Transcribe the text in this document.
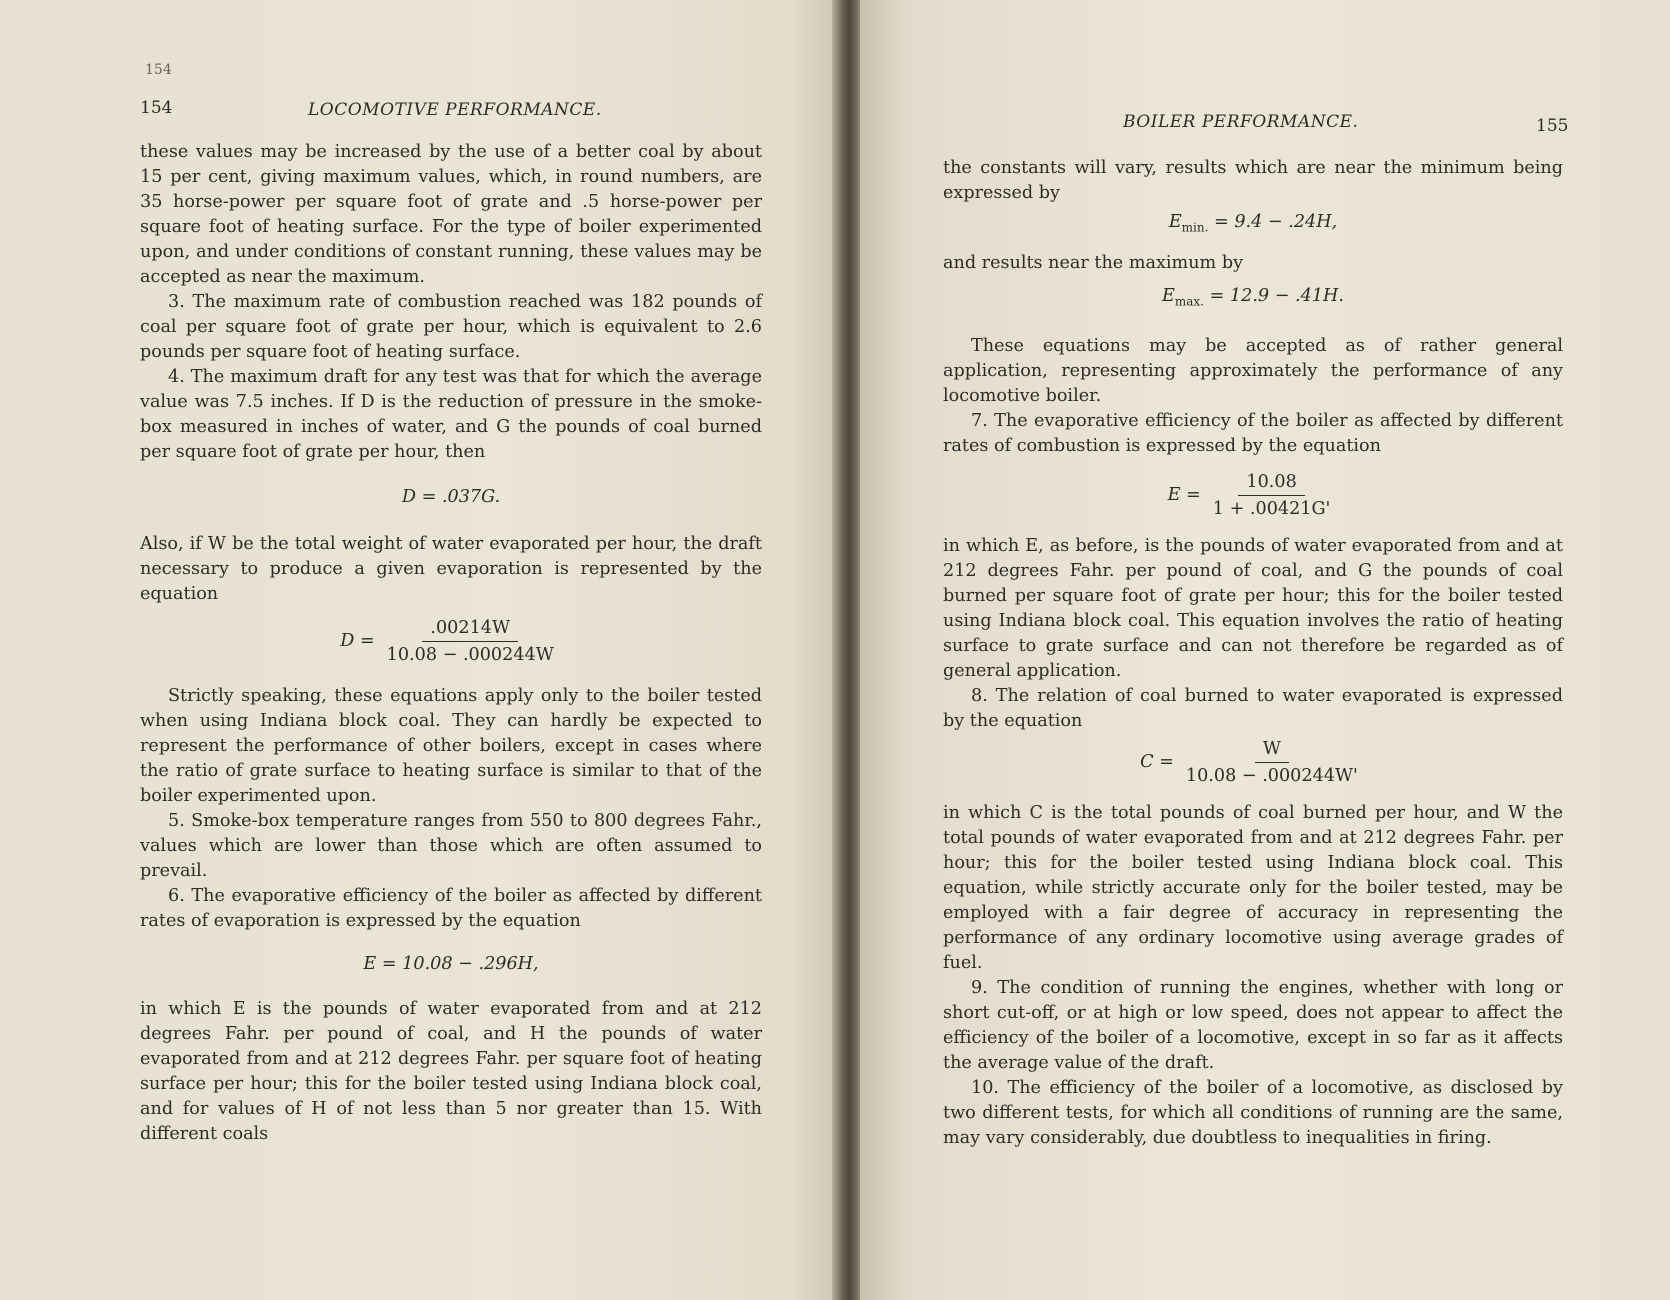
154
154	LOCOMOTIVE PERFORMANCE.

these values may be increased by the use of a better coal by about 15 per cent, giving maximum values, which, in round numbers, are 35 horse-power per square foot of grate and .5 horse-power per square foot of heating surface. For the type of boiler experimented upon, and under conditions of constant running, these values may be accepted as near the maximum.

3. The maximum rate of combustion reached was 182 pounds of coal per square foot of grate per hour, which is equivalent to 2.6 pounds per square foot of heating surface.

4. The maximum draft for any test was that for which the average value was 7.5 inches. If D is the reduction of pressure in the smoke-box measured in inches of water, and G the pounds of coal burned per square foot of grate per hour, then

D = .037G.

Also, if W be the total weight of water evaporated per hour, the draft necessary to produce a given evaporation is represented by the equation

$D = \frac{.00214W}{10.08 - .000244W}$

Strictly speaking, these equations apply only to the boiler tested when using Indiana block coal. They can hardly be expected to represent the performance of other boilers, except in cases where the ratio of grate surface to heating surface is similar to that of the boiler experimented upon.

5. Smoke-box temperature ranges from 550 to 800 degrees Fahr., values which are lower than those which are often assumed to prevail.

6. The evaporative efficiency of the boiler as affected by different rates of evaporation is expressed by the equation

E = 10.08 − .296H,

in which E is the pounds of water evaporated from and at 212 degrees Fahr. per pound of coal, and H the pounds of water evaporated from and at 212 degrees Fahr. per square foot of heating surface per hour; this for the boiler tested using Indiana block coal, and for values of H of not less than 5 nor greater than 15. With different coals

BOILER PERFORMANCE.	155

the constants will vary, results which are near the minimum being expressed by

$E_{min.} = 9.4 - .24H$,

and results near the maximum by

$E_{max.} = 12.9 - .41H$.

These equations may be accepted as of rather general application, representing approximately the performance of any locomotive boiler.

7. The evaporative efficiency of the boiler as affected by different rates of combustion is expressed by the equation

$E = \frac{10.08}{1 + .00421G'}$

in which E, as before, is the pounds of water evaporated from and at 212 degrees Fahr. per pound of coal, and G the pounds of coal burned per square foot of grate per hour; this for the boiler tested using Indiana block coal. This equation involves the ratio of heating surface to grate surface and can not therefore be regarded as of general application.

8. The relation of coal burned to water evaporated is expressed by the equation

$C = \frac{W}{10.08 - .000244W'}$

in which C is the total pounds of coal burned per hour, and W the total pounds of water evaporated from and at 212 degrees Fahr. per hour; this for the boiler tested using Indiana block coal. This equation, while strictly accurate only for the boiler tested, may be employed with a fair degree of accuracy in representing the performance of any ordinary locomotive using average grades of fuel.

9. The condition of running the engines, whether with long or short cut-off, or at high or low speed, does not appear to affect the efficiency of the boiler of a locomotive, except in so far as it affects the average value of the draft.

10. The efficiency of the boiler of a locomotive, as disclosed by two different tests, for which all conditions of running are the same, may vary considerably, due doubtless to inequalities in firing.
